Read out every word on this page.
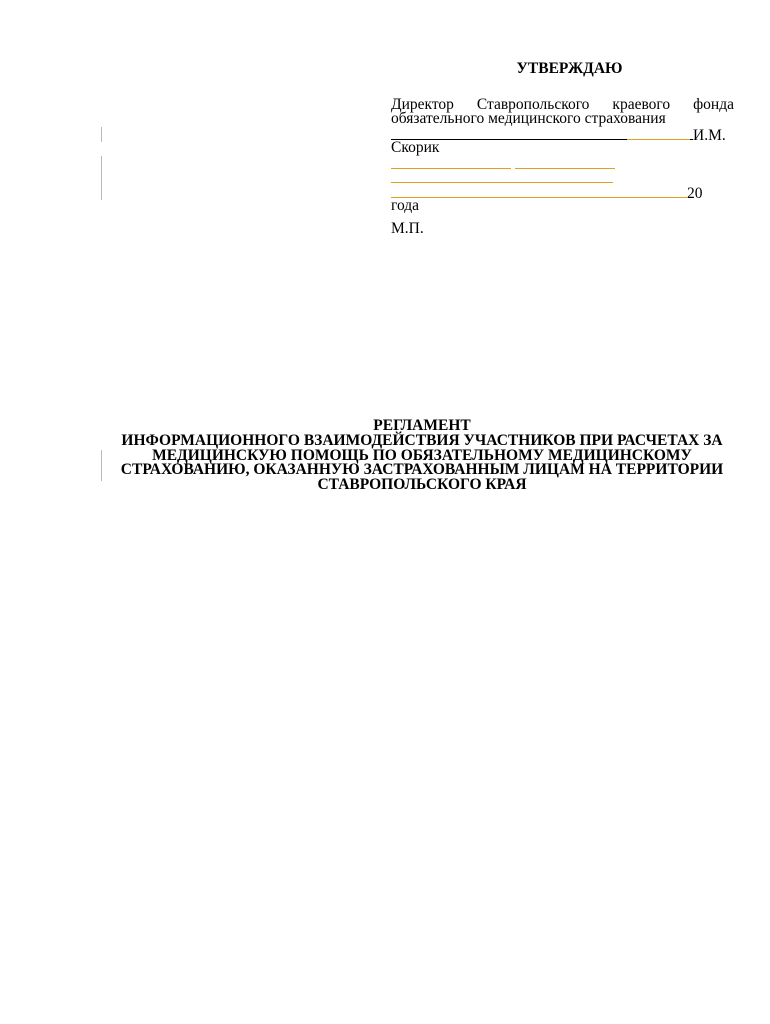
УТВЕРЖДАЮ
Директор Ставропольского краевого фонда обязательного медицинского страхования
И.М.
Скорик

20___
года
М.П.
РЕГЛАМЕНТ
ИНФОРМАЦИОННОГО ВЗАИМОДЕЙСТВИЯ УЧАСТНИКОВ ПРИ РАСЧЕТАХ ЗА МЕДИЦИНСКУЮ ПОМОЩЬ ПО ОБЯЗАТЕЛЬНОМУ МЕДИЦИНСКОМУ СТРАХОВАНИЮ, ОКАЗАННУЮ ЗАСТРАХОВАННЫМ ЛИЦАМ НА ТЕРРИТОРИИ СТАВРОПОЛЬСКОГО КРАЯ
